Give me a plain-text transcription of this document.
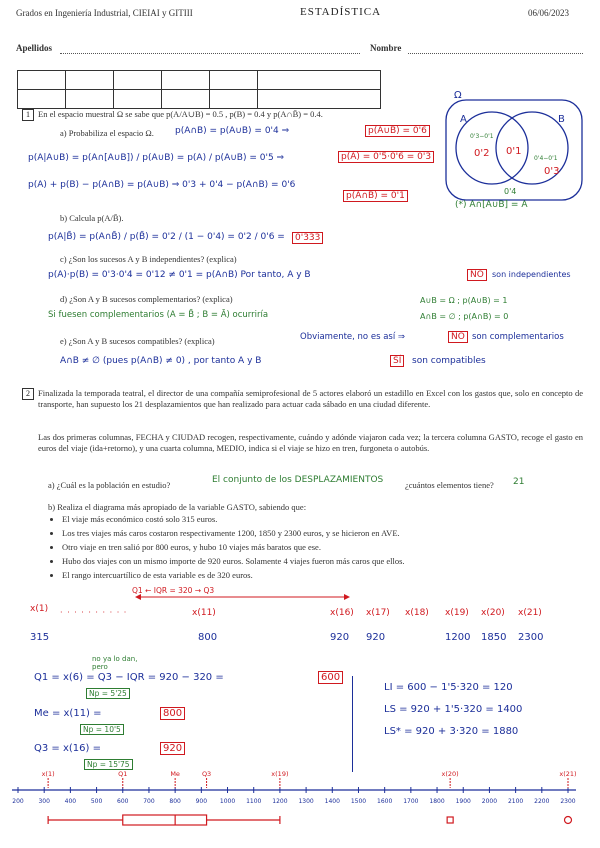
Grados en Ingeniería Industrial, CIEIAI y GITIII	ESTADÍSTICA	06/06/2023
Apellidos	Nombre

1 En el espacio muestral Ω se sabe que p(A/A∪B) = 0.5 , p(B) = 0.4 y p(A∩B̄) = 0.4.
a) Probabiliza el espacio Ω. p(A∩B) = p(A∪B) = 0'4 ⇒	p(A∪B) = 0'6
p(A|A∪B) = p(A∩[A∪B]) / p(A∪B) = p(A) / p(A∪B) = 0'5 ⇒	p(A) = 0'5·0'6 = 0'3
p(A) + p(B) − p(A∩B) = p(A∪B) ⇒ 0'3 + 0'4 − p(A∩B) = 0'6
p(A∩B) = 0'1
Ω
A	B
0'3−0'1
0'2 0'1
0'4−0'1
0'3
0'4
(*) A∩[A∪B] = A
b) Calcula p(A/B̄).
p(A|B̄) = p(A∩B̄) / p(B̄) = 0'2 / (1 − 0'4) = 0'2 / 0'6 =	0'333
c) ¿Son los sucesos A y B independientes? (explica)
p(A)·p(B) = 0'3·0'4 = 0'12 ≠ 0'1 = p(A∩B) Por tanto, A y B	NO	son independientes
d) ¿Son A y B sucesos complementarios? (explica)
Si fuesen complementarios (A = B̄ ; B = Ā) ocurriría
A∪B = Ω ; p(A∪B) = 1
A∩B = ∅ ; p(A∩B) = 0
Obviamente, no es así ⇒	NO son complementarios
e) ¿Son A y B sucesos compatibles? (explica)
A∩B ≠ ∅ (pues p(A∩B) ≠ 0) , por tanto A y B	SÍ	son compatibles
2 Finalizada la temporada teatral, el director de una compañía semiprofesional de 5 actores elaboró un estadillo en Excel con los gastos que, solo en concepto de transporte, han supuesto los 21 desplazamientos que han realizado para actuar cada sábado en una ciudad diferente.
Las dos primeras columnas, FECHA y CIUDAD recogen, respectivamente, cuándo y adónde viajaron cada vez; la tercera columna GASTO, recoge el gasto en euros del viaje (ida+retorno), y una cuarta columna, MEDIO, indica si el viaje se hizo en tren, furgoneta o autobús.
a) ¿Cuál es la población en estudio?	El conjunto de los DESPLAZAMIENTOS	¿cuántos elementos tiene? 21
b) Realiza el diagrama más apropiado de la variable GASTO, sabiendo que:
• El viaje más económico costó solo 315 euros.
• Los tres viajes más caros costaron respectivamente 1200, 1850 y 2300 euros, y se hicieron en AVE.
• Otro viaje en tren salió por 800 euros, y hubo 10 viajes más baratos que ese.
• Hubo dos viajes con un mismo importe de 920 euros. Solamente 4 viajes fueron más caros que ellos.
• El rango intercuartílico de esta variable es de 320 euros.
Q1 ← IQR = 320 → Q3
· · · · · · · · · ·
x(1)
315
x(11)
800
x(16)
920
x(17)
920
x(18) x(19)
1200
x(20)
1850
x(21)
2300
no ya lo dan, pero
Q1 = x(6) = Q3 − IQR = 920 − 320 =	600
Np = 5'25
Me = x(11) =	800
Np = 10'5
Q3 = x(16) =	920
Np = 15'75
LI = 600 − 1'5·320 = 120
LS = 920 + 1'5·320 = 1400
LS* = 920 + 3·320 = 1880
200 300 400 500 600 700 800 900 1000 1100 1200 1300 1400 1500 1600 1700 1800 1900 2000 2100 2200 2300
x(1)	Q1	Me	Q3	x(19)	x(20)	x(21)
